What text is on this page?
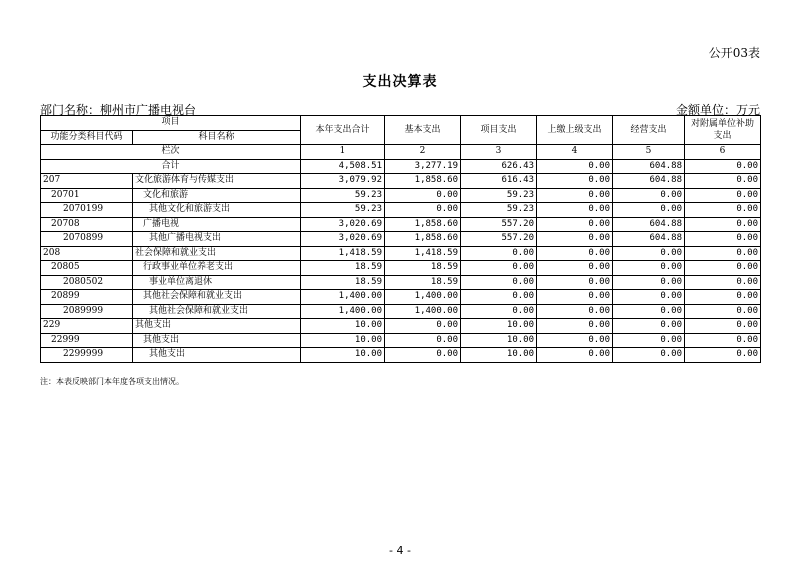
公开03表
支出决算表
部门名称：柳州市广播电视台	金额单位：万元
项目		本年支出合计	基本支出	项目支出	上缴上级支出	经营支出	对附属单位补助支出
功能分类科目代码	科目名称						
栏次		1	2	3	4	5	6
合计		4,508.51	3,277.19	626.43	0.00	604.88	0.00
207	文化旅游体育与传媒支出	3,079.92	1,858.60	616.43	0.00	604.88	0.00
20701	文化和旅游	59.23	0.00	59.23	0.00	0.00	0.00
2070199	其他文化和旅游支出	59.23	0.00	59.23	0.00	0.00	0.00
20708	广播电视	3,020.69	1,858.60	557.20	0.00	604.88	0.00
2070899	其他广播电视支出	3,020.69	1,858.60	557.20	0.00	604.88	0.00
208	社会保障和就业支出	1,418.59	1,418.59	0.00	0.00	0.00	0.00
20805	行政事业单位养老支出	18.59	18.59	0.00	0.00	0.00	0.00
2080502	事业单位离退休	18.59	18.59	0.00	0.00	0.00	0.00
20899	其他社会保障和就业支出	1,400.00	1,400.00	0.00	0.00	0.00	0.00
2089999	其他社会保障和就业支出	1,400.00	1,400.00	0.00	0.00	0.00	0.00
229	其他支出	10.00	0.00	10.00	0.00	0.00	0.00
22999	其他支出	10.00	0.00	10.00	0.00	0.00	0.00
2299999	其他支出	10.00	0.00	10.00	0.00	0.00	0.00
注：本表反映部门本年度各项支出情况。
- 4 -
